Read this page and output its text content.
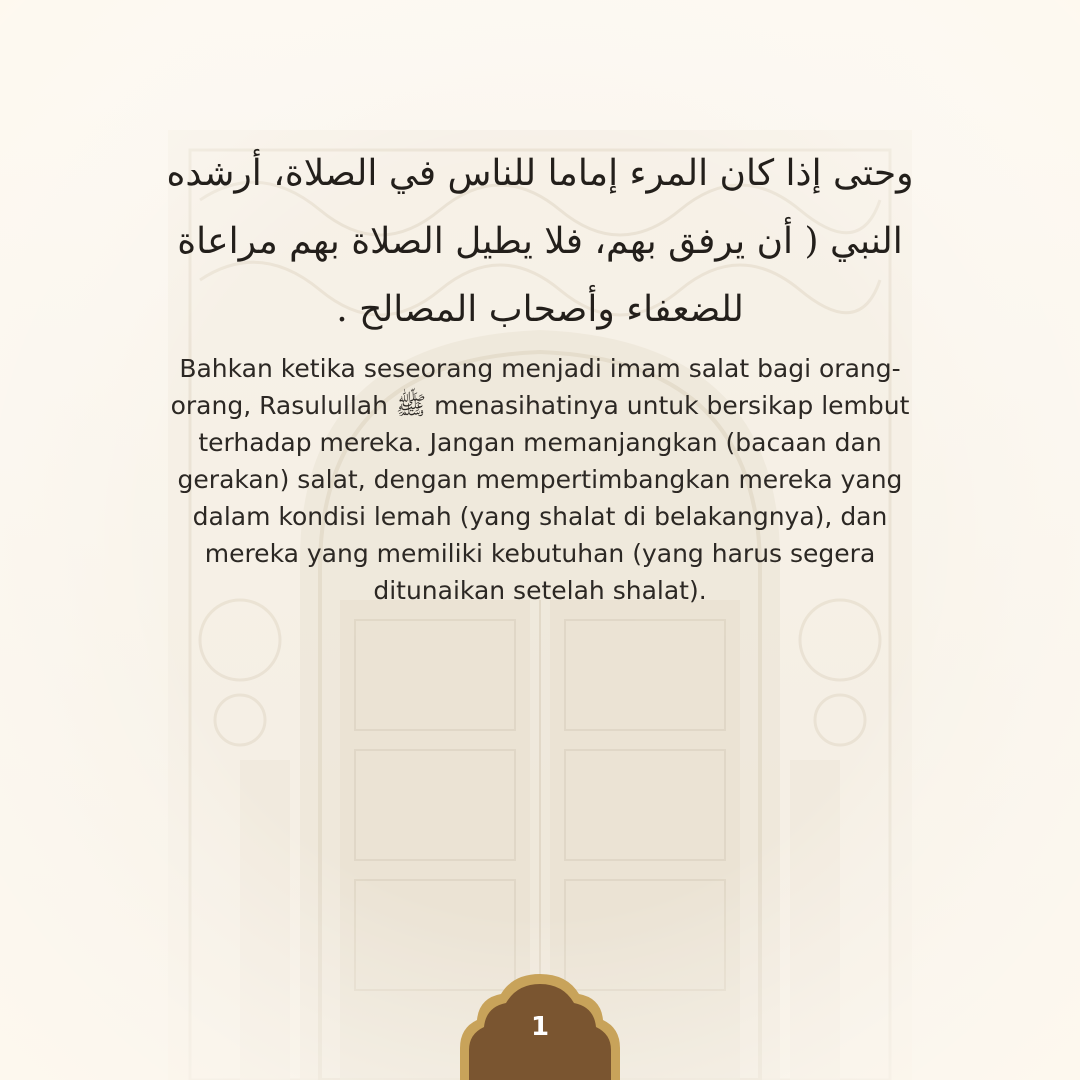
وحتى إذا كان المرء إماما للناس في الصلاة، أرشده النبي ( أن يرفق بهم، فلا يطيل الصلاة بهم مراعاة للضعفاء وأصحاب المصالح .

Bahkan ketika seseorang menjadi imam salat bagi orang-orang, Rasulullah ﷺ menasihatinya untuk bersikap lembut terhadap mereka. Jangan memanjangkan (bacaan dan gerakan) salat, dengan mempertimbangkan mereka yang dalam kondisi lemah (yang shalat di belakangnya), dan mereka yang memiliki kebutuhan (yang harus segera ditunaikan setelah shalat).

1
